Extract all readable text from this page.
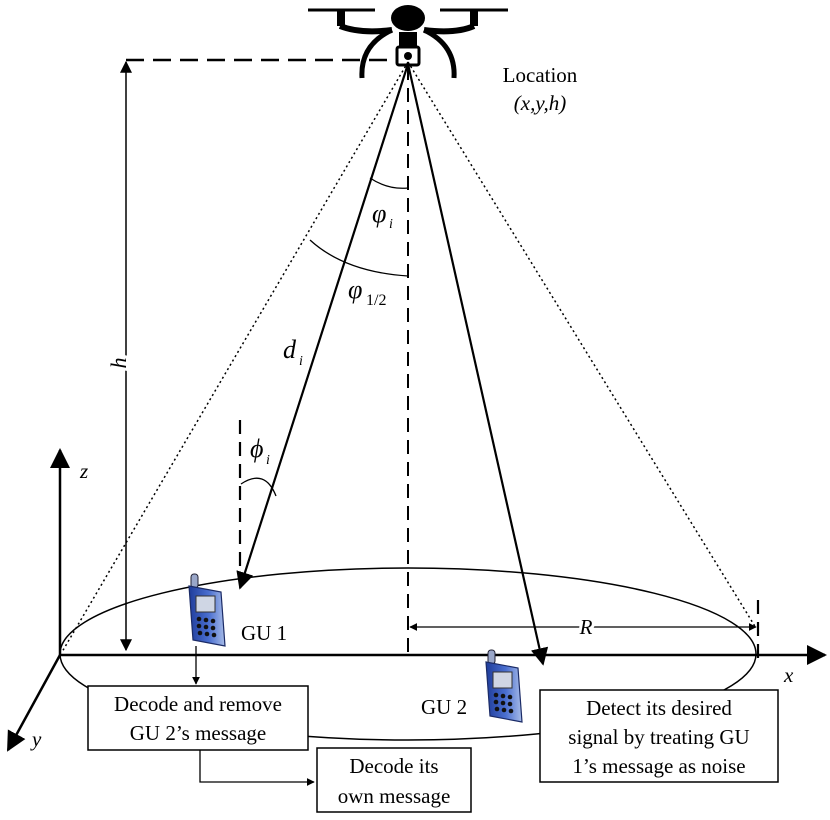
Decode and remove
GU 2’s message
Decode its
own message
Detect its desired
signal by treating GU
1’s message as noise
Location
(x,y,h)
φ i
φ 1/2
d i
ϕ i
h
R
z
x
y
GU 1
GU 2
